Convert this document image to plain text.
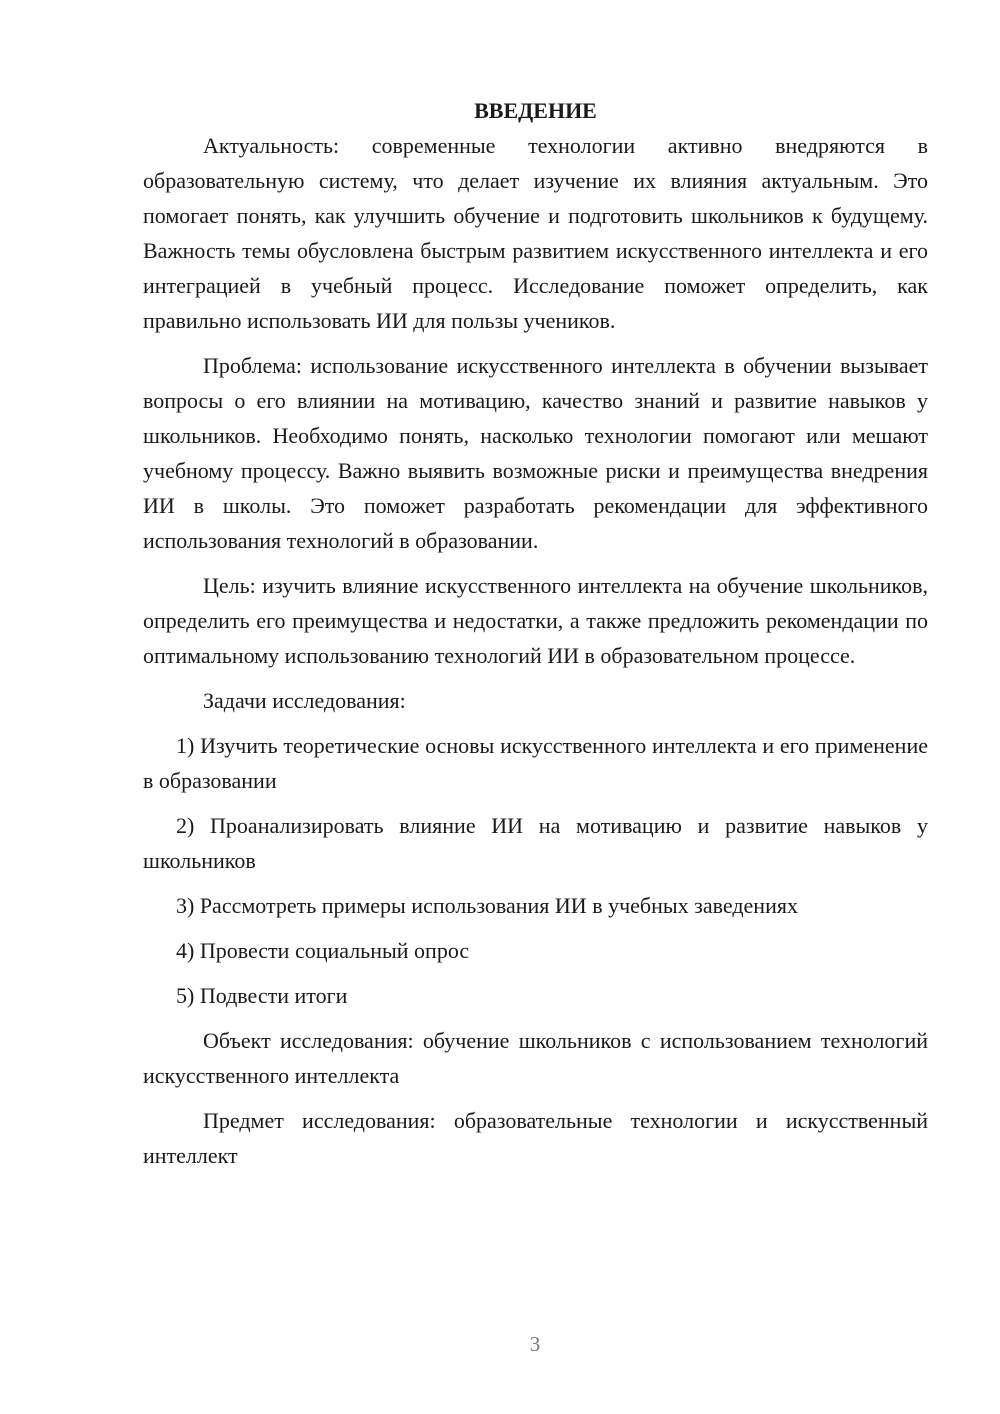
ВВЕДЕНИЕ

Актуальность: современные технологии активно внедряются в образовательную систему, что делает изучение их влияния актуальным. Это помогает понять, как улучшить обучение и подготовить школьников к будущему. Важность темы обусловлена быстрым развитием искусственного интеллекта и его интеграцией в учебный процесс. Исследование поможет определить, как правильно использовать ИИ для пользы учеников.

Проблема: использование искусственного интеллекта в обучении вызывает вопросы о его влиянии на мотивацию, качество знаний и развитие навыков у школьников. Необходимо понять, насколько технологии помогают или мешают учебному процессу. Важно выявить возможные риски и преимущества внедрения ИИ в школы. Это поможет разработать рекомендации для эффективного использования технологий в образовании.

Цель: изучить влияние искусственного интеллекта на обучение школьников, определить его преимущества и недостатки, а также предложить рекомендации по оптимальному использованию технологий ИИ в образовательном процессе.

Задачи исследования:

1) Изучить теоретические основы искусственного интеллекта и его применение в образовании

2) Проанализировать влияние ИИ на мотивацию и развитие навыков у школьников

3) Рассмотреть примеры использования ИИ в учебных заведениях

4) Провести социальный опрос

5) Подвести итоги

Объект исследования: обучение школьников с использованием технологий искусственного интеллекта

Предмет исследования: образовательные технологии и искусственный интеллект

3
